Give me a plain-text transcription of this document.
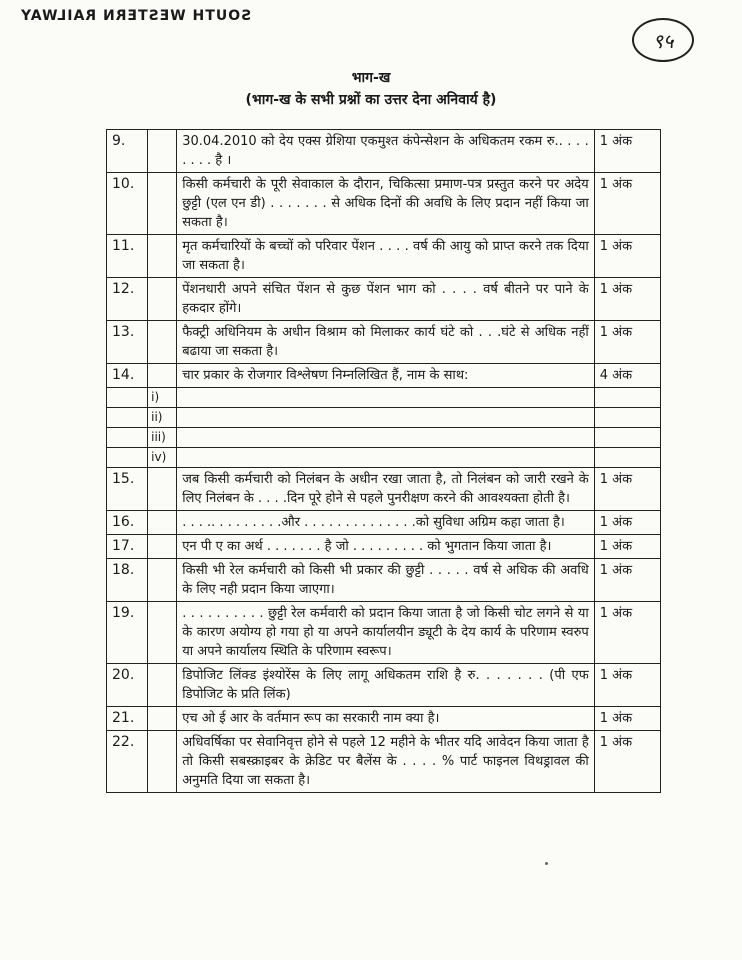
SOUTH WESTERN RAILWAY
९५
भाग-ख
(भाग-ख के सभी प्रश्नों का उत्तर देना अनिवार्य है)
9.		30.04.2010 को देय एक्स ग्रेशिया एकमुश्त कंपेन्सेशन के अधिकतम रकम रु.. . . . . . . . है ।	1 अंक
10.		किसी कर्मचारी के पूरी सेवाकाल के दौरान, चिकित्सा प्रमाण-पत्र प्रस्तुत करने पर अदेय छुट्टी (एल एन डी) . . . . . . . से अधिक दिनों की अवधि के लिए प्रदान नहीं किया जा सकता है।	1 अंक
11.		मृत कर्मचारियों के बच्चों को परिवार पेंशन . . . . वर्ष की आयु को प्राप्त करने तक दिया जा सकता है।	1 अंक
12.		पेंशनधारी अपने संचित पेंशन से कुछ पेंशन भाग को . . . . वर्ष बीतने पर पाने के हकदार होंगे।	1 अंक
13.		फैक्ट्री अधिनियम के अधीन विश्राम को मिलाकर कार्य घंटे को . . .घंटे से अधिक नहीं बढाया जा सकता है।	1 अंक
14.		चार प्रकार के रोजगार विश्लेषण निम्नलिखित हैं, नाम के साथ:	4 अंक
	i)		
	ii)		
	iii)		
	iv)		
15.		जब किसी कर्मचारी को निलंबन के अधीन रखा जाता है, तो निलंबन को जारी रखने के लिए निलंबन के . . . .दिन पूरे होने से पहले पुनरीक्षण करने की आवश्यक्ता होती है।	1 अंक
16.		. . . .. . . . . . . . .और . . . . . . . . . . . . . .को सुविधा अग्रिम कहा जाता है।	1 अंक
17.		एन पी ए का अर्थ . . . . . . . है जो . . . . . . . . . को भुगतान किया जाता है।	1 अंक
18.		किसी भी रेल कर्मचारी को किसी भी प्रकार की छुट्टी . . . . . वर्ष से अधिक की अवधि के लिए नही प्रदान किया जाएगा।	1 अंक
19.		. . . . . . . . . . छुट्टी रेल कर्मवारी को प्रदान किया जाता है जो किसी चोट लगने से या के कारण अयोग्य हो गया हो या अपने कार्यालयीन ड्यूटी के देय कार्य के परिणाम स्वरुप या अपने कार्यालय स्थिति के परिणाम स्वरूप।	1 अंक
20.		डिपोजिट लिंक्ड इंश्योरेंस के लिए लागू अधिकतम राशि है रु. . . . . . . (पी एफ डिपोजिट के प्रति लिंक)	1 अंक
21.		एच ओ ई आर के वर्तमान रूप का सरकारी नाम क्या है।	1 अंक
22.		अधिवर्षिका पर सेवानिवृत्त होने से पहले 12 महीने के भीतर यदि आवेदन किया जाता है तो किसी सबस्क्राइबर के क्रेडिट पर बैलेंस के . . . . % पार्ट फाइनल विथड्रावल की अनुमति दिया जा सकता है।	1 अंक
